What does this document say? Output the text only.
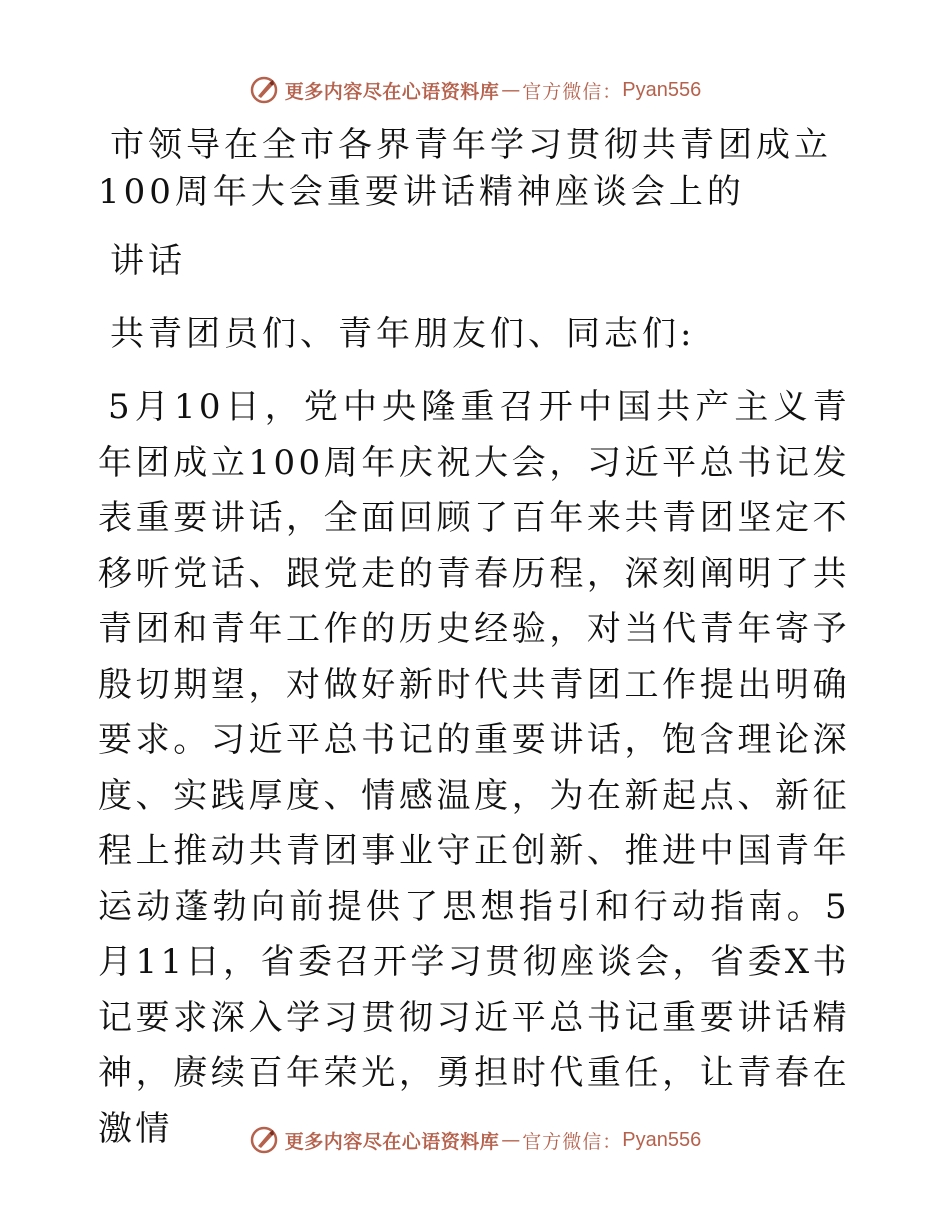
更多内容尽在心语资料库 — 官方微信： Pyan556

市领导在全市各界青年学习贯彻共青团成立100周年大会重要讲话精神座谈会上的

讲话

共青团员们、青年朋友们、同志们:

5月10日，党中央隆重召开中国共产主义青年团成立100周年庆祝大会，习近平总书记发表重要讲话，全面回顾了百年来共青团坚定不移听党话、跟党走的青春历程，深刻阐明了共青团和青年工作的历史经验，对当代青年寄予殷切期望，对做好新时代共青团工作提出明确要求。习近平总书记的重要讲话，饱含理论深度、实践厚度、情感温度，为在新起点、新征程上推动共青团事业守正创新、推进中国青年运动蓬勃向前提供了思想指引和行动指南。5月11日，省委召开学习贯彻座谈会，省委X书记要求深入学习贯彻习近平总书记重要讲话精神，赓续百年荣光，勇担时代重任，让青春在激情	更多内容尽在心语资料库 — 官方微信： Pyan556
